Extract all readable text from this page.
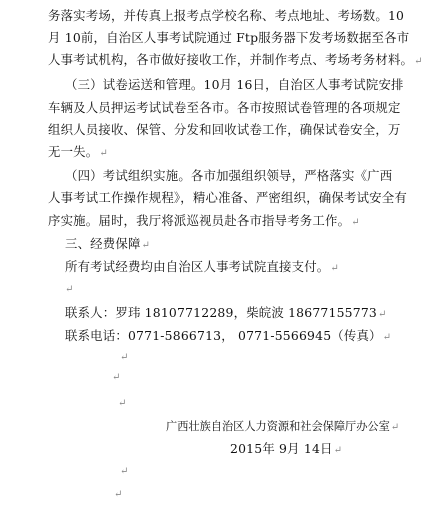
务落实考场，并传真上报考点学校名称、考点地址、考场数。10
月 10前，自治区人事考试院通过 Ftp服务器下发考场数据至各市
人事考试机构，各市做好接收工作，并制作考点、考场考务材料。↵
（三）试卷运送和管理。10月 16日，自治区人事考试院安排
车辆及人员押运考试试卷至各市。各市按照试卷管理的各项规定
组织人员接收、保管、分发和回收试卷工作，确保试卷安全，万
无一失。↵
（四）考试组织实施。各市加强组织领导，严格落实《广西
人事考试工作操作规程》，精心准备、严密组织，确保考试安全有
序实施。届时，我厅将派巡视员赴各市指导考务工作。↵
三、经费保障↵
所有考试经费均由自治区人事考试院直接支付。↵
↵
联系人：罗玮 18107712289，柴皖波 18677155773↵
联系电话：0771-5866713， 0771-5566945（传真）↵
↵
↵
↵
广西壮族自治区人力资源和社会保障厅办公室↵
2015年 9月 14日↵
↵
↵
